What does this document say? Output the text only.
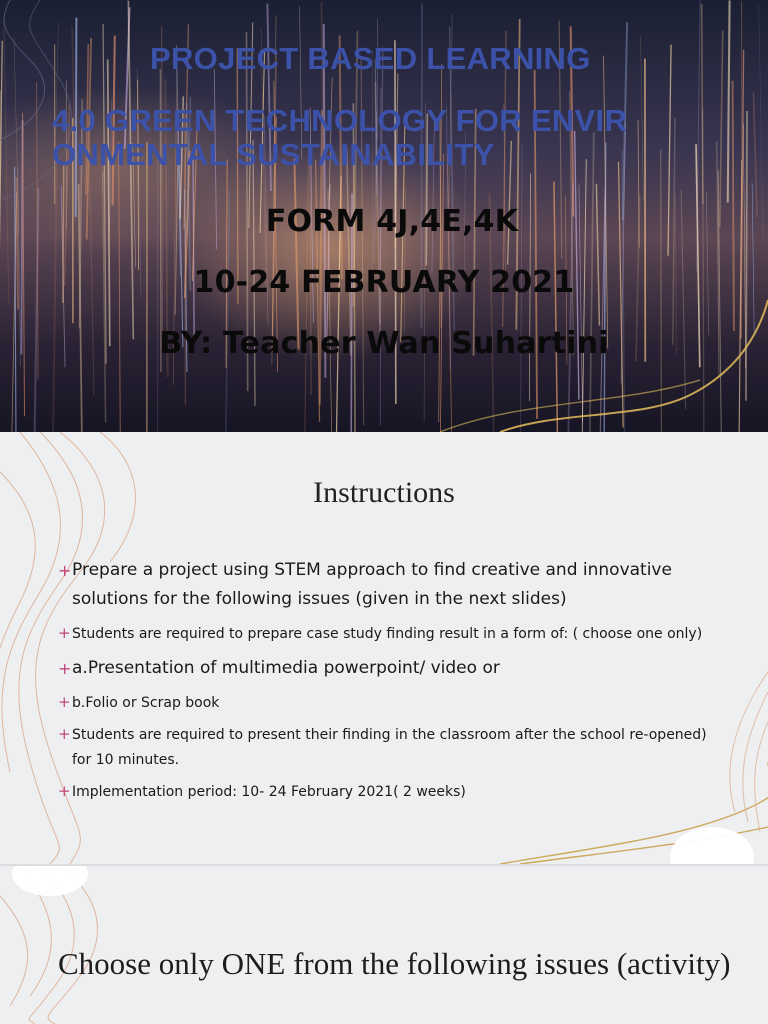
PROJECT BASED LEARNING
4.0 GREEN TECHNOLOGY FOR ENVIR ONMENTAL SUSTAINABILITY
FORM 4J,4E,4K
10-24 FEBRUARY 2021
BY: Teacher Wan Suhartini
Instructions
+ Prepare a project using STEM approach to find creative and innovative solutions for the following issues (given in the next slides)
+ Students are required to prepare case study finding result in a form of: ( choose one only)
+ a.Presentation of multimedia powerpoint/ video or
+ b.Folio or Scrap book
+ Students are required to present their finding in the classroom after the school re-opened) for 10 minutes.
+ Implementation period: 10- 24 February 2021( 2 weeks)
Choose only ONE from the following issues (activity)
